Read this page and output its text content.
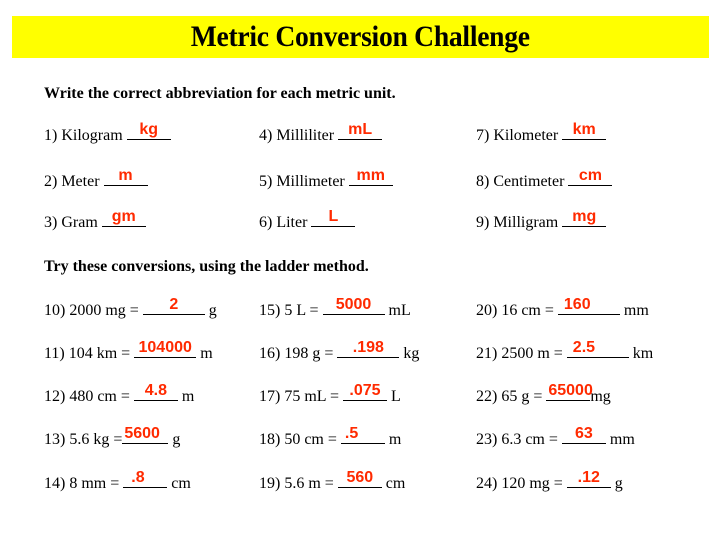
Metric Conversion Challenge
Write the correct abbreviation for each metric unit.
1) Kilogram	kg
2) Meter	m
3) Gram gm
4) Milliliter mL
5) Millimeter mm
6) Liter	L
7) Kilometer km
8) Centimeter cm
9) Milligram mg
Try these conversions, using the ladder method.
10) 2000 mg =	2	g
11) 104 km = 104000 m
12) 480 cm = 4.8 m
13) 5.6 kg = 5600 g
14) 8 mm = .8	cm
15) 5 L =	5000	mL
16) 198 g =	.198	kg
17) 75 mL = .075 L
18) 50 cm = .5	m
19) 5.6 m = 560 cm
20) 16 cm = 160	mm
21) 2500 m = 2.5	km
22) 65 g = 65000
mg
23) 6.3 cm =	63	mm
24) 120 mg = .12 g
